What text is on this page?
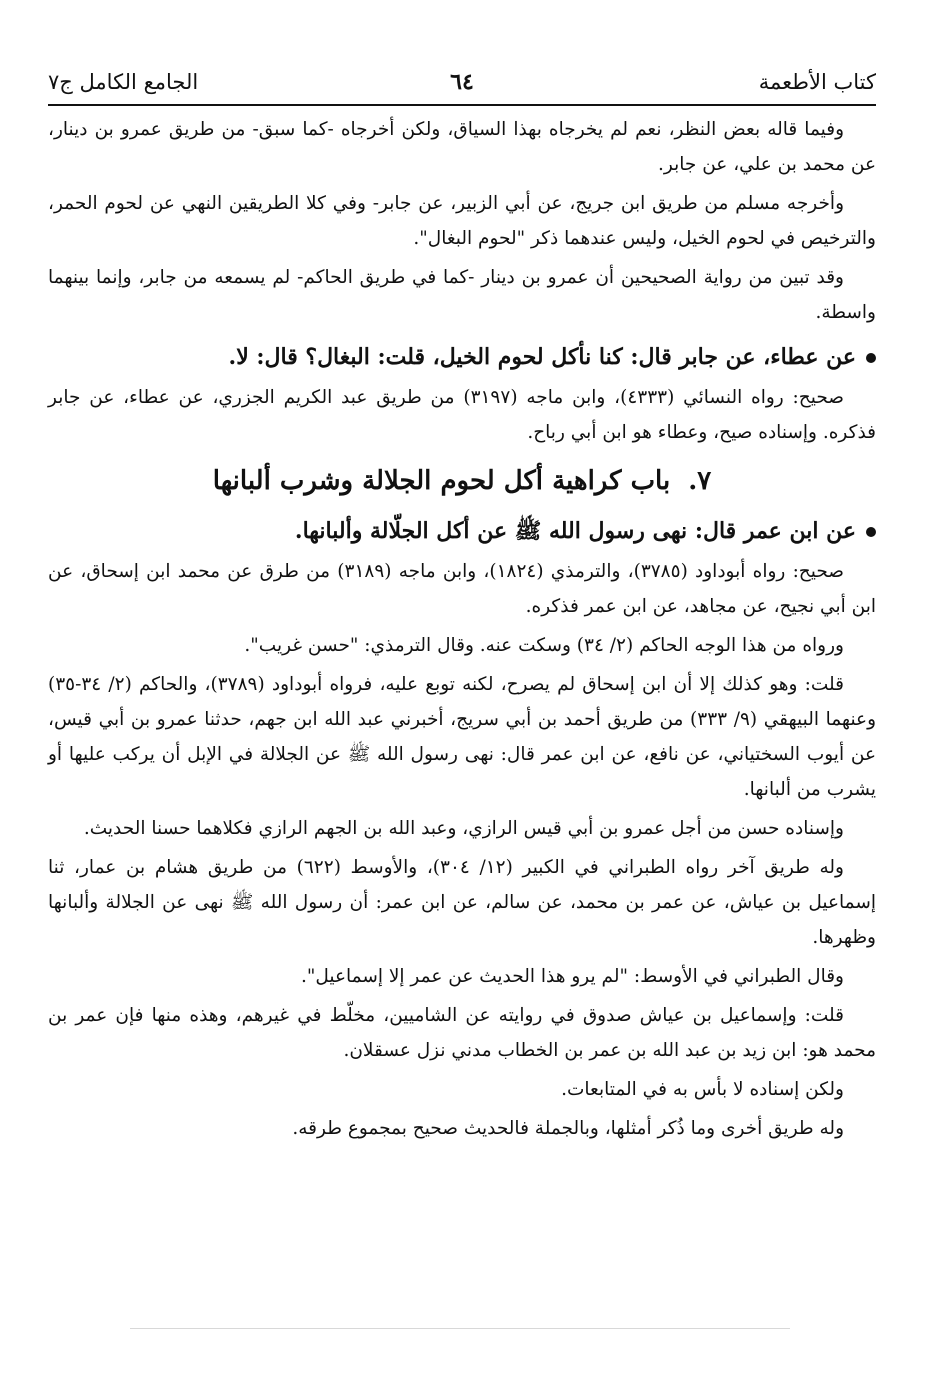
كتاب الأطعمة
٦٤
الجامع الكامل ج٧

وفيما قاله بعض النظر، نعم لم يخرجاه بهذا السياق، ولكن أخرجاه -كما سبق- من طريق عمرو بن دينار، عن محمد بن علي، عن جابر.

وأخرجه مسلم من طريق ابن جريج، عن أبي الزبير، عن جابر- وفي كلا الطريقين النهي عن لحوم الحمر، والترخيص في لحوم الخيل، وليس عندهما ذكر "لحوم البغال".

وقد تبين من رواية الصحيحين أن عمرو بن دينار -كما في طريق الحاكم- لم يسمعه من جابر، وإنما بينهما واسطة.

عن عطاء، عن جابر قال: كنا نأكل لحوم الخيل، قلت: البغال؟ قال: لا.

صحيح: رواه النسائي (٤٣٣٣)، وابن ماجه (٣١٩٧) من طريق عبد الكريم الجزري، عن عطاء، عن جابر فذكره. وإسناده صيح، وعطاء هو ابن أبي رباح.

٧.باب كراهية أكل لحوم الجلالة وشرب ألبانها

عن ابن عمر قال: نهى رسول الله ﷺ عن أكل الجلّالة وألبانها.

صحيح: رواه أبوداود (٣٧٨٥)، والترمذي (١٨٢٤)، وابن ماجه (٣١٨٩) من طرق عن محمد ابن إسحاق، عن ابن أبي نجيح، عن مجاهد، عن ابن عمر فذكره.

ورواه من هذا الوجه الحاكم (٢/ ٣٤) وسكت عنه. وقال الترمذي: "حسن غريب".

قلت: وهو كذلك إلا أن ابن إسحاق لم يصرح، لكنه توبع عليه، فرواه أبوداود (٣٧٨٩)، والحاكم (٢/ ٣٤-٣٥) وعنهما البيهقي (٩/ ٣٣٣) من طريق أحمد بن أبي سريج، أخبرني عبد الله ابن جهم، حدثنا عمرو بن أبي قيس، عن أيوب السختياني، عن نافع، عن ابن عمر قال: نهى رسول الله ﷺ عن الجلالة في الإبل أن يركب عليها أو يشرب من ألبانها.

وإسناده حسن من أجل عمرو بن أبي قيس الرازي، وعبد الله بن الجهم الرازي فكلاهما حسنا الحديث.

وله طريق آخر رواه الطبراني في الكبير (١٢/ ٣٠٤)، والأوسط (٦٢٢) من طريق هشام بن عمار، ثنا إسماعيل بن عياش، عن عمر بن محمد، عن سالم، عن ابن عمر: أن رسول الله ﷺ نهى عن الجلالة وألبانها وظهرها.

وقال الطبراني في الأوسط: "لم يرو هذا الحديث عن عمر إلا إسماعيل".

قلت: وإسماعيل بن عياش صدوق في روايته عن الشاميين، مخلّط في غيرهم، وهذه منها فإن عمر بن محمد هو: ابن زيد بن عبد الله بن عمر بن الخطاب مدني نزل عسقلان.

ولكن إسناده لا بأس به في المتابعات.

وله طريق أخرى وما ذُكر أمثلها، وبالجملة فالحديث صحيح بمجموع طرقه.
